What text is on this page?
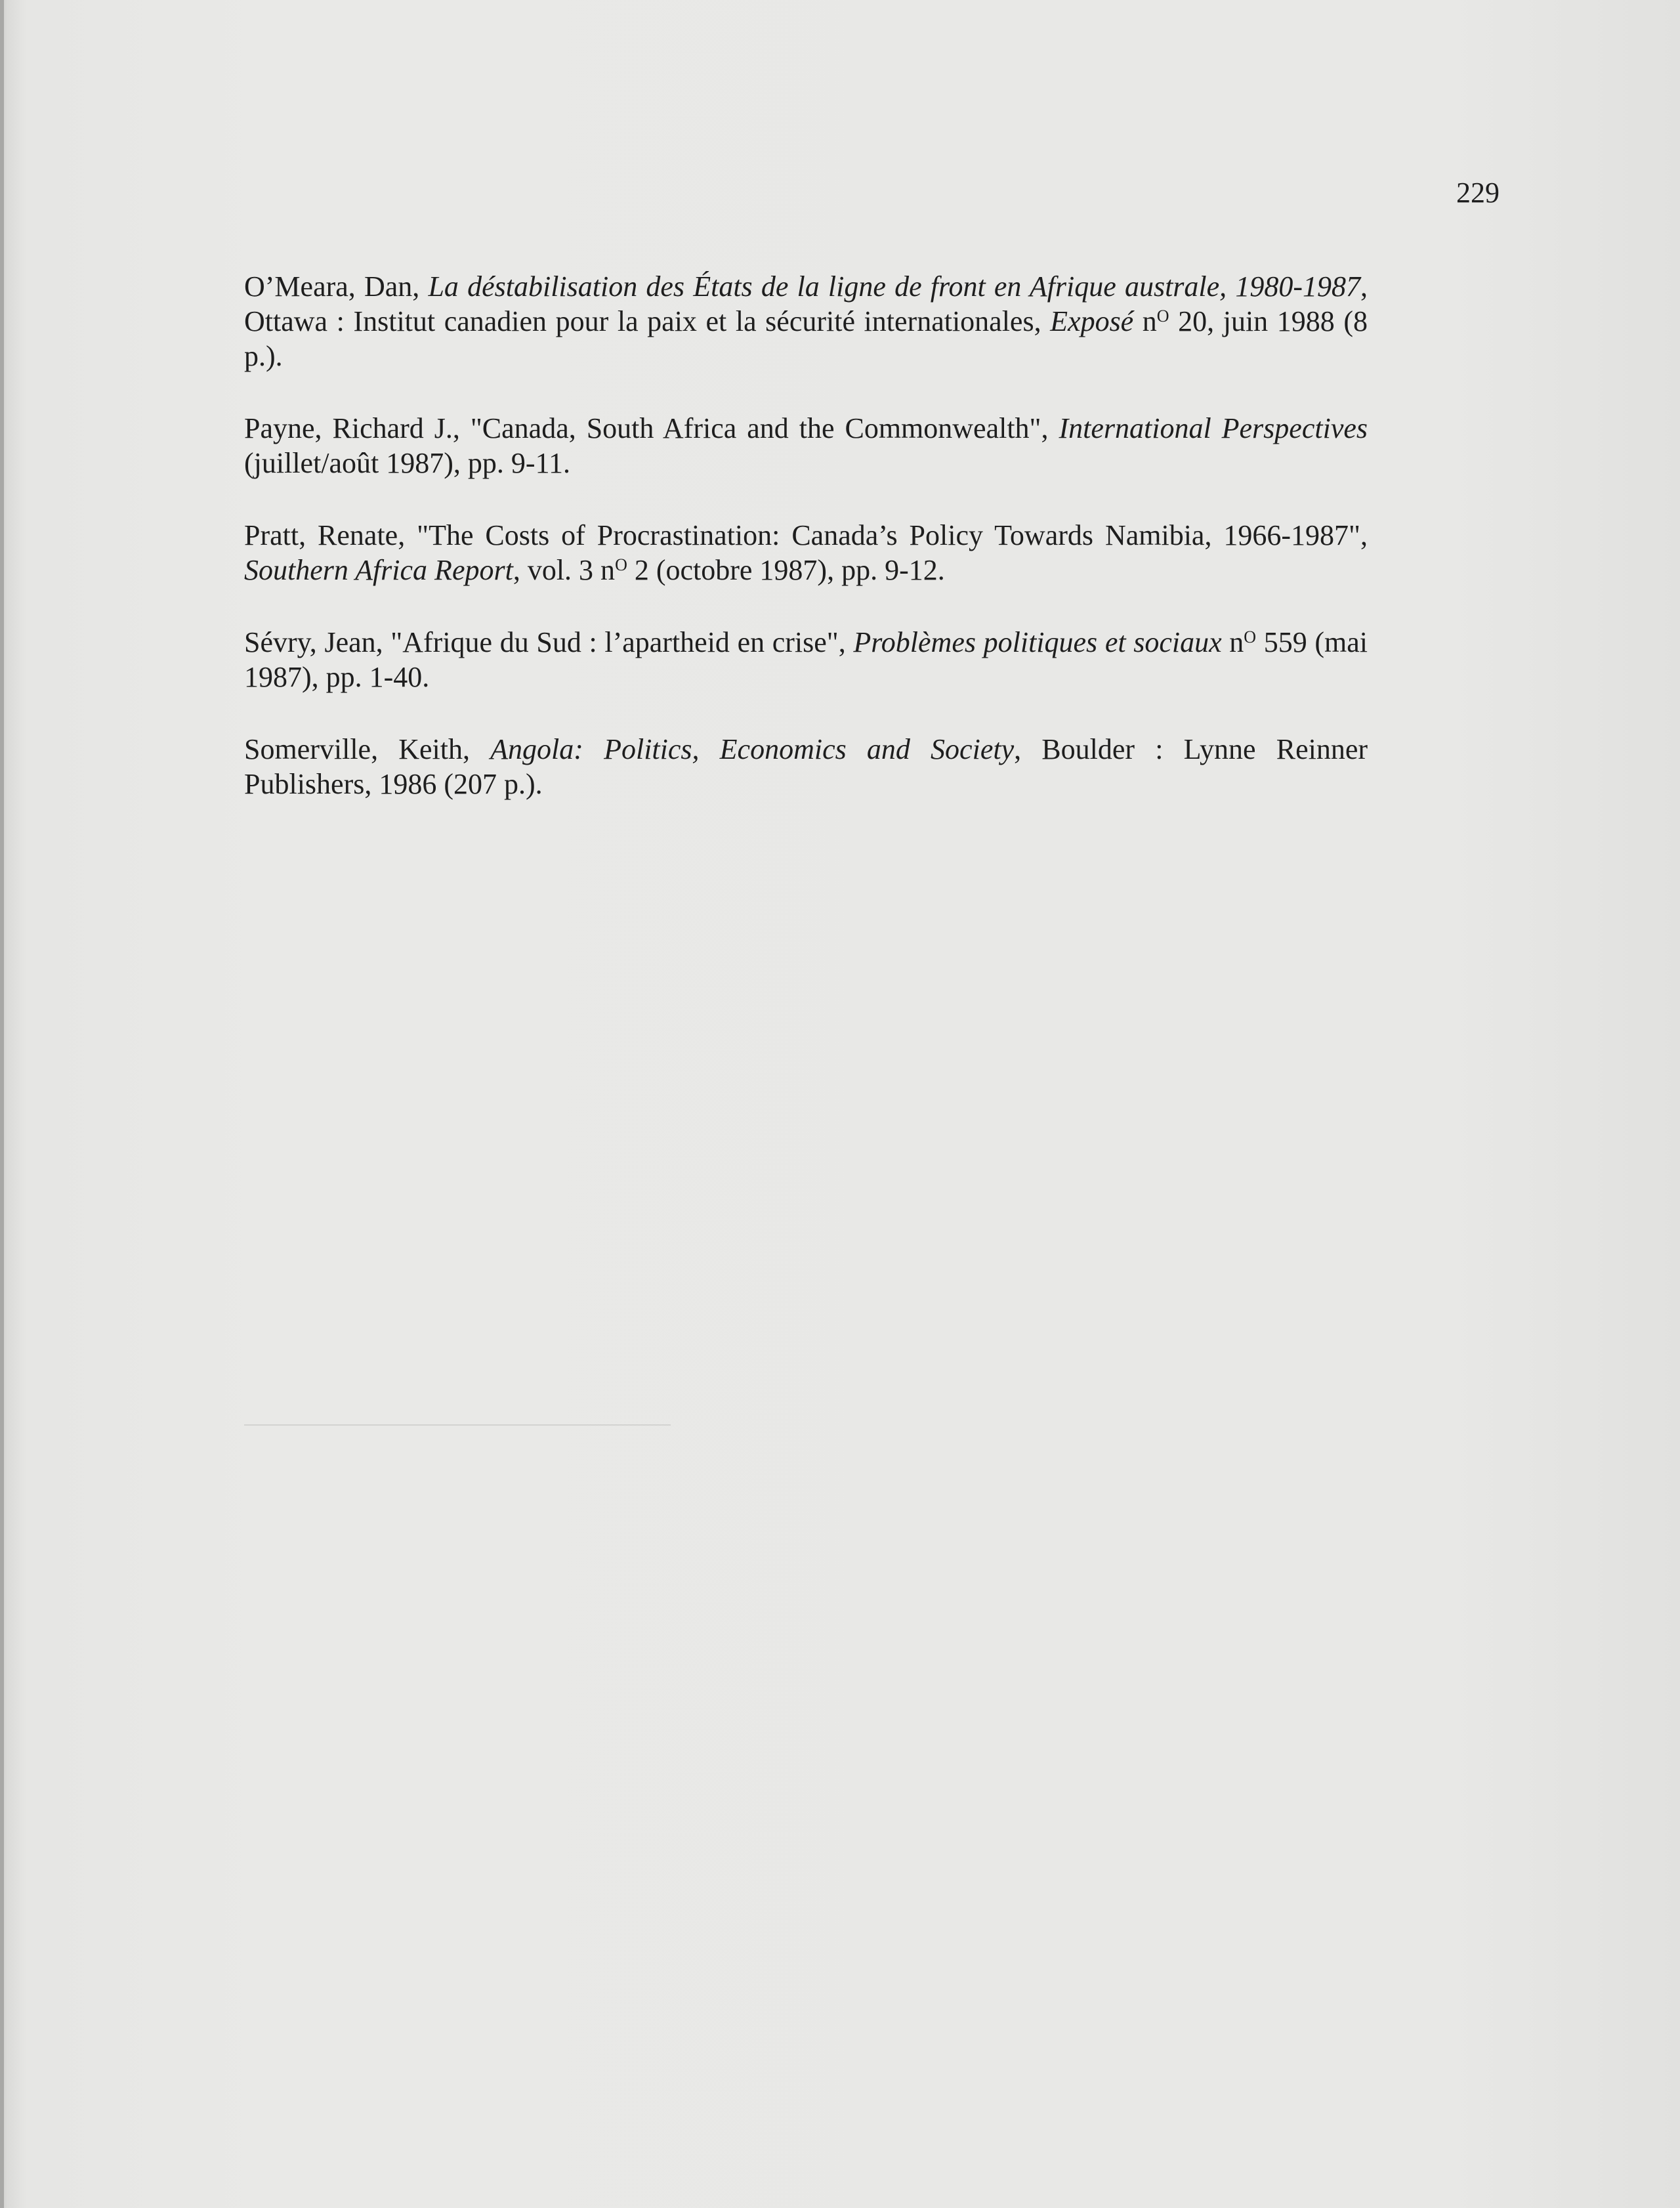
229

O’Meara, Dan, La déstabilisation des États de la ligne de front en Afrique australe, 1980-1987, Ottawa : Institut canadien pour la paix et la sécurité internationales, Exposé $n^O$ 20, juin 1988 (8 p.).

Payne, Richard J., "Canada, South Africa and the Commonwealth", International Perspectives (juillet/août 1987), pp. 9-11.

Pratt, Renate, "The Costs of Procrastination: Canada’s Policy Towards Namibia, 1966-1987", Southern Africa Report, vol. 3 $n^O$ 2 (octobre 1987), pp. 9-12.

Sévry, Jean, "Afrique du Sud : l’apartheid en crise", Problèmes politiques et sociaux $n^O$ 559 (mai 1987), pp. 1-40.

Somerville, Keith, Angola: Politics, Economics and Society, Boulder : Lynne Reinner Publishers, 1986 (207 p.).
